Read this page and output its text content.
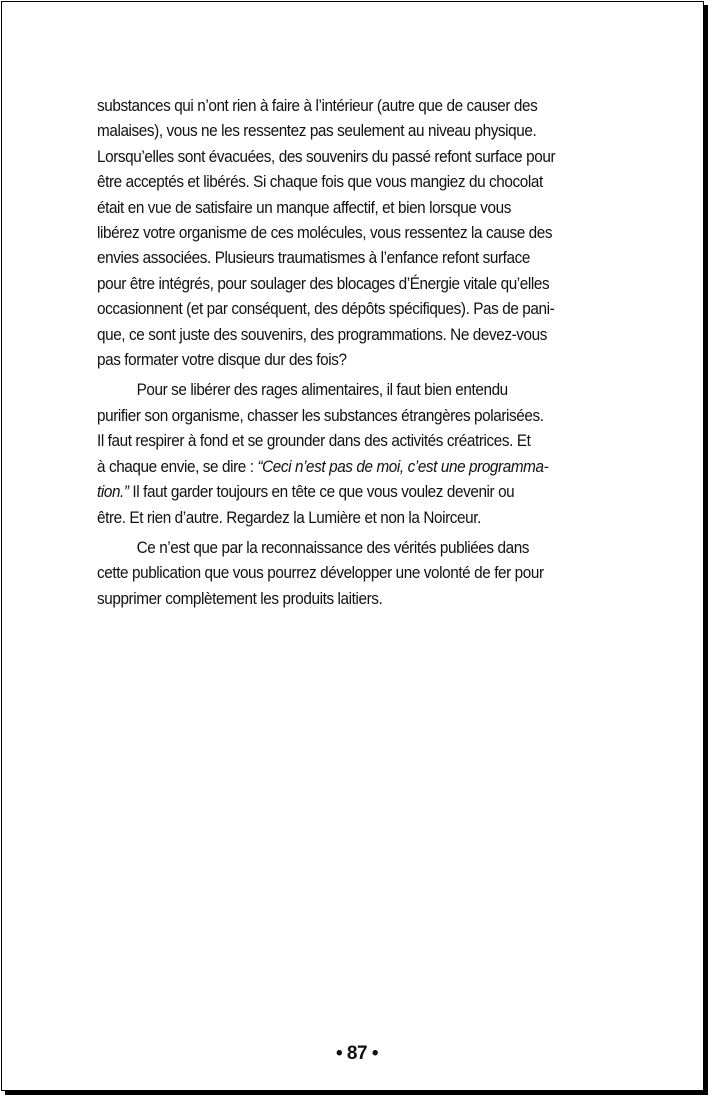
substances qui n’ont rien à faire à l’intérieur (autre que de causer des
malaises), vous ne les ressentez pas seulement au niveau physique.
Lorsqu’elles sont évacuées, des souvenirs du passé refont surface pour
être acceptés et libérés. Si chaque fois que vous mangiez du chocolat
était en vue de satisfaire un manque affectif, et bien lorsque vous
libérez votre organisme de ces molécules, vous ressentez la cause des
envies associées. Plusieurs traumatismes à l’enfance refont surface
pour être intégrés, pour soulager des blocages d’Énergie vitale qu’elles
occasionnent (et par conséquent, des dépôts spécifiques). Pas de pani-
que, ce sont juste des souvenirs, des programmations. Ne devez-vous
pas formater votre disque dur des fois?

Pour se libérer des rages alimentaires, il faut bien entendu
purifier son organisme, chasser les substances étrangères polarisées.
Il faut respirer à fond et se grounder dans des activités créatrices. Et
à chaque envie, se dire : “Ceci n’est pas de moi, c’est une programma-
tion.” Il faut garder toujours en tête ce que vous voulez devenir ou
être. Et rien d’autre. Regardez la Lumière et non la Noirceur.

Ce n’est que par la reconnaissance des vérités publiées dans
cette publication que vous pourrez développer une volonté de fer pour
supprimer complètement les produits laitiers.

• 87 •
